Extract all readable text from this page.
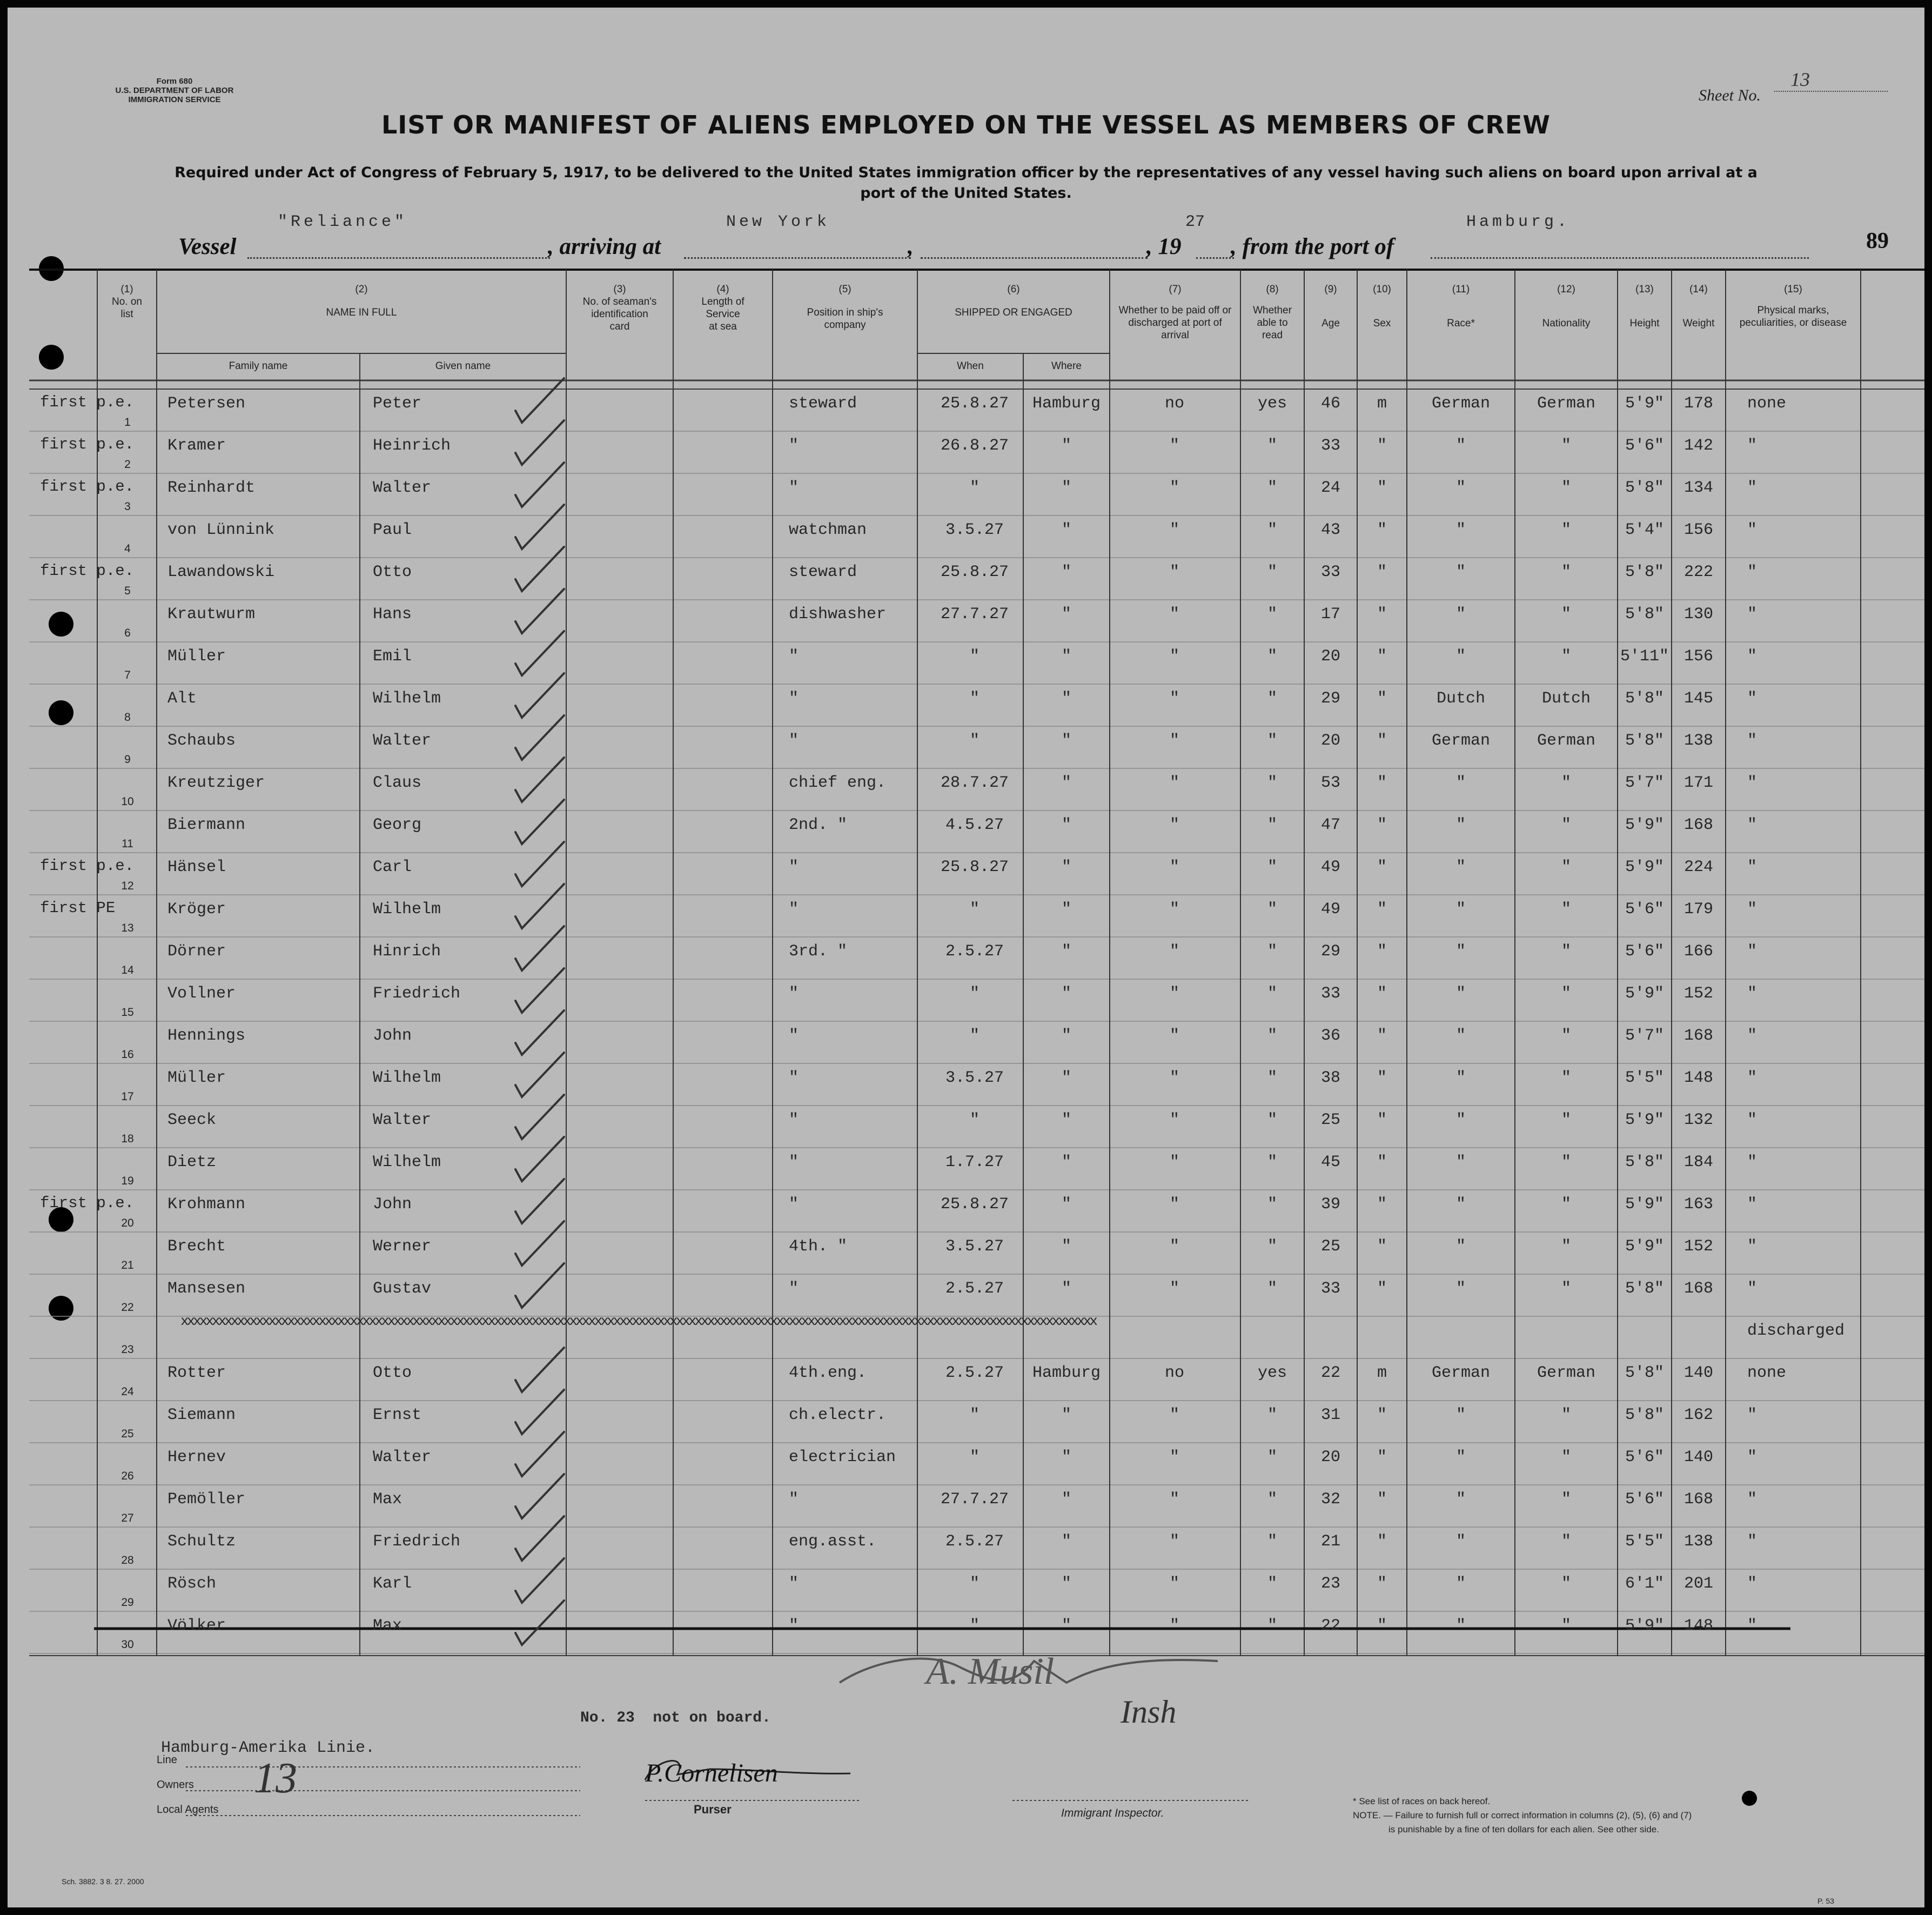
Form 680
U.S. DEPARTMENT OF LABOR
IMMIGRATION SERVICE	Sheet No.
13
LIST OR MANIFEST OF ALIENS EMPLOYED ON THE VESSEL AS MEMBERS OF CREW
Required under Act of Congress of February 5, 1917, to be delivered to the United States immigration officer by the representatives of any vessel having such aliens on board upon arrival at a
port of the United States.
Vessel
"Reliance"
, arriving at
New York
,	, 19
27
, from the port of
Hamburg.
89
(1)
No. on list
(2)
NAME IN FULL
Family name	Given name
(3)
No. of seaman's identification card
(4)
Length of Service at sea
(5)
Position in ship's company
(6)
SHIPPED OR ENGAGED
When	Where
(7)
Whether to be paid off or discharged at port of arrival
(8)
Whether able to read
(9)
Age
(10)
Sex
(11)
Race*
(12)
Nationality
(13)
Height
(14)
Weight
(15)
Physical marks, peculiarities, or disease
1
first p.e. Petersen	Peter	steward	25.8.27	Hamburg	no	yes	46	m	German	German	5'9"	178	none
2
first p.e. Kramer	Heinrich	"	26.8.27	"	"	"	33	"	"	"	5'6"	142	"
3
first p.e. Reinhardt	Walter	"	"	"	"	"	24	"	"	"	5'8"	134	"
4
von Lünnink	Paul	watchman	3.5.27	"	"	"	43	"	"	"	5'4"	156	"
5
first p.e. Lawandowski	Otto	steward	25.8.27	"	"	"	33	"	"	"	5'8"	222	"
6
Krautwurm	Hans	dishwasher	27.7.27	"	"	"	17	"	"	"	5'8"	130	"
7
Müller	Emil	"	"	"	"	"	20	"	"	"	5'11" 156	"
8
Alt	Wilhelm	"	"	"	"	"	29	"	Dutch	Dutch	5'8"	145	"
9
Schaubs	Walter	"	"	"	"	"	20	"	German	German	5'8"	138	"
10
Kreutziger	Claus	chief eng.	28.7.27	"	"	"	53	"	"	"	5'7"	171	"
11
Biermann	Georg	2nd. "	4.5.27	"	"	"	47	"	"	"	5'9"	168	"
12
first p.e. Hänsel	Carl	"	25.8.27	"	"	"	49	"	"	"	5'9"	224	"
13
first PE	Kröger	Wilhelm	"	"	"	"	"	49	"	"	"	5'6"	179	"
14
Dörner	Hinrich	3rd. "	2.5.27	"	"	"	29	"	"	"	5'6"	166	"
15
Vollner	Friedrich	"	"	"	"	"	33	"	"	"	5'9"	152	"
16
Hennings	John	"	"	"	"	"	36	"	"	"	5'7"	168	"
17
Müller	Wilhelm	"	3.5.27	"	"	"	38	"	"	"	5'5"	148	"
18
Seeck	Walter	"	"	"	"	"	25	"	"	"	5'9"	132	"
19
Dietz	Wilhelm	"	1.7.27	"	"	"	45	"	"	"	5'8"	184	"
20
first p.e. Krohmann	John	"	25.8.27	"	"	"	39	"	"	"	5'9"	163	"
21
Brecht	Werner	4th. "	3.5.27	"	"	"	25	"	"	"	5'9"	152	"
22
Mansesen	Gustav	"	2.5.27	"	"	"	33	"	"	"	5'8"	168	"
23
xxxxxxxxxxxxxxxxxxxxxxxxxxxxxxxxxxxxxxxxxxxxxxxxxxxxxxxxxxxxxxxxxxxxxxxxxxxxxxxxxxxxxxxxxxxxxxxxxxxxxxxxxxxxxxxxxxxxxxxxxxxxxxxxxxxxxxxxxxxxxxxxxx
discharged
24
Rotter	Otto	4th.eng.	2.5.27	Hamburg	no	yes	22	m	German	German	5'8"	140	none
25
Siemann	Ernst	ch.electr.	"	"	"	"	31	"	"	"	5'8"	162	"
26
Hernev	Walter	electrician	"	"	"	"	20	"	"	"	5'6"	140	"
27
Pemöller	Max	"	27.7.27	"	"	"	32	"	"	"	5'6"	168	"
28
Schultz	Friedrich	eng.asst.	2.5.27	"	"	"	21	"	"	"	5'5"	138	"
29
Rösch	Karl	"	"	"	"	"	23	"	"	"	6'1"	201	"
30
Völker	Max	"	"	"	"	"	22	"	"	"	5'9"	148	"
No. 23  not on board.
Hamburg-Amerika Linie.
Line
Owners
Local Agents
13	P.Cornelisen
Purser
A. Musil
Insh
Immigrant Inspector.
* See list of races on back hereof.
NOTE. — Failure to furnish full or correct information in columns (2), (5), (6) and (7)
is punishable by a fine of ten dollars for each alien. See other side.
Sch. 3882. 3 8. 27. 2000
P. 53
